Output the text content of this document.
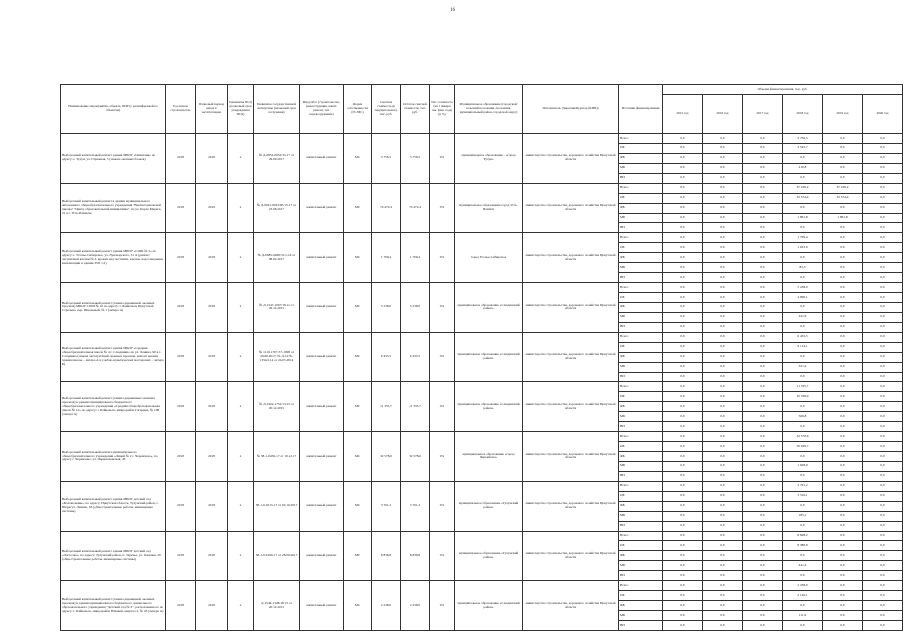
16
Наименование мероприятия, объекта, ПИР (с расшифровкой по объектам)	Год начала строительства	Плановый период ввода в эксплуатацию	Реквизиты ПСД (плановый срок утверждения ПСД)	Реквизиты государственной экспертизы (плановый срок получения)	Вид работ (строительство, реконструкция, капит. ремонт, тех. перевооружение)	Форма собственности (ГС/МС)	Сметная стоимость (в текущих ценах), тыс. руб.	Остаток сметной стоимости, тыс. руб.	Тех. готовность (на 1 января тек. фин. года) (в %)	Муниципальное образование (городской/сельский поселения, поселения, муниципальный район, городской округ)	Исполнитель (Заказчик/Куратор (КИП))	Источник финансирования	Объемы финансирования, тыс. руб.					
													2015 год	2016 год	2017 год	2018 год	2019 год	2020 год
Выборочный капитальный ремонт здания МБОУ «Гимназия» по адресу: г. Тулун, ул. Гаражная, 5 (замена оконных блоков)	2018	2018	х	№ Д-0852-0052/33-17 от 29.09.2017	капитальный ремонт	МС	3 756,5	3 756,5	0%	муниципальное образование - «город Тулун»	министерство строительства, дорожного хозяйства Иркутской области	Всего	0,0	0,0	0,0	3 756,5	0,0	0,0
												ОБ	0,0	0,0	0,0	3 545,7	0,0	0,0
												ФБ	0,0	0,0	0,0	0,0	0,0	0,0
												МБ	0,0	0,0	0,0	210,8	0,0	0,0
												ВИ	0,0	0,0	0,0	0,0	0,0	0,0
Выборочный капитальный ремонт в здании муниципального автономного общеобразовательного учреждения "Высшегорновской школы" "Центр образовательной инициативы", по ул. Карла Маркса, 21 в г. Усть-Илимске	2018	2019	х	№ Д-0921-0023/85/15-17 от 23.08.2017	капитальный ремонт	МС	74 472,4	74 472,4	0%	муниципальное образование город Усть-Илимск	министерство строительства, дорожного хозяйства Иркутской области	Всего	0,0	0,0	0,0	37 236,2	37 236,2	0,0
												ОБ	0,0	0,0	0,0	35 374,4	35 374,4	0,0
												ФБ	0,0	0,0	0,0	0,0	0,0	0,0
												МБ	0,0	0,0	0,0	1 861,8	1 861,8	0,0
												ВИ	0,0	0,0	0,0	0,0	0,0	0,0
Выборочный капитальный ремонт здания МБОУ «СОШ № 5» по адресу: г. Усолье-Сибирское, ул. Луначарского, 31 А (ремонт лестничной клетки № 2, кровли над лестничн. клетки, водоотведения, канализации в здании ЗУЛ 1,2)	2018	2018	х	№ Д-0685-0468/31/1-16 от 08.02.2017	капитальный ремонт	МС	1 709,4	1 709,4	0%	город Усолье-Сибирское	министерство строительства, дорожного хозяйства Иркутской области	Всего	0,0	0,0	0,0	1 709,4	0,0	0,0
												ОБ	0,0	0,0	0,0	1 623,9	0,0	0,0
												ФБ	0,0	0,0	0,0	0,0	0,0	0,0
												МБ	0,0	0,0	0,0	85,5	0,0	0,0
												ВИ	0,0	0,0	0,0	0,0	0,0	0,0
Выборочный капитальный ремонт (замена деревянной оконных проемов) МБОУ СОШ № 10 по адресу: г. Байкальск Иркутской Стрельна, пер. Школьный, № 1 (литера А)	2018	2018	х	№ Д-1547-1067/18.11 от 20.12.2015	капитальный ремонт	МС	5 238,0	5 238,0	0%	муниципальное образование «Слюдянский район»	министерство строительства, дорожного хозяйства Иркутской области	Всего	0,0	0,0	0,0	5 238,0	0,0	0,0
												ОБ	0,0	0,0	0,0	4 996,1	0,0	0,0
												ФБ	0,0	0,0	0,0	0,0	0,0	0,0
												МБ	0,0	0,0	0,0	241,9	0,0	0,0
												ВИ	0,0	0,0	0,0	0,0	0,0	0,0
Выборочный капитальный ремонт здания МБОУ «Средняя общеобразовательная школа № 4 г. Слюдянки» по ул. Ленина, 90 в г. Слюдянка (замена эксплуатаций оконных проемов, ремонт кровли здания школы – литера А и учебно-практических мастерских – литера Б)	2018	2018	х	№ 1119-1707-37-1098 от 29.06.2017; № Д-1276-1334/2.14 от 24.05.2014	капитальный ремонт	МС	6 435,5	6 435,5	0%	муниципальное образование «Слюдянский район»	министерство строительства, дорожного хозяйства Иркутской области	Всего	0,0	0,0	0,0	6 435,5	0,0	0,0
												ОБ	0,0	0,0	0,0	6 114,1	0,0	0,0
												ФБ	0,0	0,0	0,0	0,0	0,0	0,0
												МБ	0,0	0,0	0,0	321,4	0,0	0,0
												ВИ	0,0	0,0	0,0	0,0	0,0	0,0
Выборочный капитальный ремонт (замена деревянных оконных проемов) в здании муниципального бюджетного общеобразовательного учреждения «Средняя общеобразовательная школа № 12» по адресу: г. Байкальск, микрорайон Гагарина, № 198 (литера А)	2018	2018	х	№ Д-1902-1752/13.15 от 20.12.2015	капитальный ремонт	МС	11 335,7	11 335,7	0%	муниципальное образование «Слюдянский район»	министерство строительства, дорожного хозяйства Иркутской области	Всего	0,0	0,0	0,0	11 335,7	0,0	0,0
												ОБ	0,0	0,0	0,0	10 768,9	0,0	0,0
												ФБ	0,0	0,0	0,0	0,0	0,0	0,0
												МБ	0,0	0,0	0,0	566,8	0,0	0,0
												ВИ	0,0	0,0	0,0	0,0	0,0	0,0
Выборочный капитальный ремонт муниципального общеобразовательного учреждения «Лицей № 2 г. Черемхово», по адресу г. Черемхово, ул. Парковсковская, 43	2018	2018	х	№ 38-1-0459-17 от 19.12.17	капитальный ремонт	МС	32 578,6	32 578,6	0%	муниципальное образование «город Черемхово»	министерство строительства, дорожного хозяйства Иркутской области	Всего	0,0	0,0	0,0	32 578,6	0,0	0,0
												ОБ	0,0	0,0	0,0	30 949,7	0,0	0,0
												ФБ	0,0	0,0	0,0	0,0	0,0	0,0
												МБ	0,0	0,0	0,0	1 628,9	0,0	0,0
												ВИ	0,0	0,0	0,0	0,0	0,0	0,0
Выборочный капитальный ремонт здания МБОУ детский сад «Колокольчик», по адресу: Иркутская область, Тулунский район, с. Шерагул, Ленина, 63 (общестроительные работы, инженерные системы)	2018	2018	х	38-1-6-0215-17 от 02.10.2017	капитальный ремонт	МС	3 701,2	3 701,2	0%	муниципальное образование «Тулунский район»	министерство строительства, дорожного хозяйства Иркутской области	Всего	0,0	0,0	0,0	3 701,2	0,0	0,0
												ОБ	0,0	0,0	0,0	3 516,1	0,0	0,0
												ФБ	0,0	0,0	0,0	0,0	0,0	0,0
												МБ	0,0	0,0	0,0	185,1	0,0	0,0
												ВИ	0,0	0,0	0,0	0,0	0,0	0,0
Выборочный капитальный ремонт здания МБОУ детский сад «Ласточка», по адресу: Тулунский район, п. Заречье, ул. Озерная, 20 (общестроительные работы, инженерные системы)	2018	2018	х	38-1-6-0190-17 от 28.09.2017	капитальный ремонт	МС	8 836,8	8 836,8	0%	муниципальное образование «Тулунский район»	министерство строительства, дорожного хозяйства Иркутской области	Всего	0,0	0,0	0,0	8 828,2	0,0	0,0
												ОБ	0,0	0,0	0,0	8 386,8	0,0	0,0
												ФБ	0,0	0,0	0,0	0,0	0,0	0,0
												МБ	0,0	0,0	0,0	441,4	0,0	0,0
												ВИ	0,0	0,0	0,0	0,0	0,0	0,0
Выборочный капитальный ремонт (замена деревянной оконных проемов) в здании муниципального бюджетного дошкольного образовательного учреждения "Детский сад № 2", расположенного по адресу: г. Байкальск, микрорайон Южный, квартал 2, № 43 (литера А)	2018	2018	х	Д-1546-1348/18.13 от 20.12.2015	капитальный ремонт	МС	2 238,0	2 238,0	0%	муниципальное образование «Слюдянский район»	министерство строительства, дорожного хозяйства Иркутской области	Всего	0,0	0,0	0,0	2 238,0	0,0	0,0
												ОБ	0,0	0,0	0,0	2 126,1	0,0	0,0
												ФБ	0,0	0,0	0,0	0,0	0,0	0,0
												МБ	0,0	0,0	0,0	111,9	0,0	0,0
												ВИ	0,0	0,0	0,0	0,0	0,0	0,0
